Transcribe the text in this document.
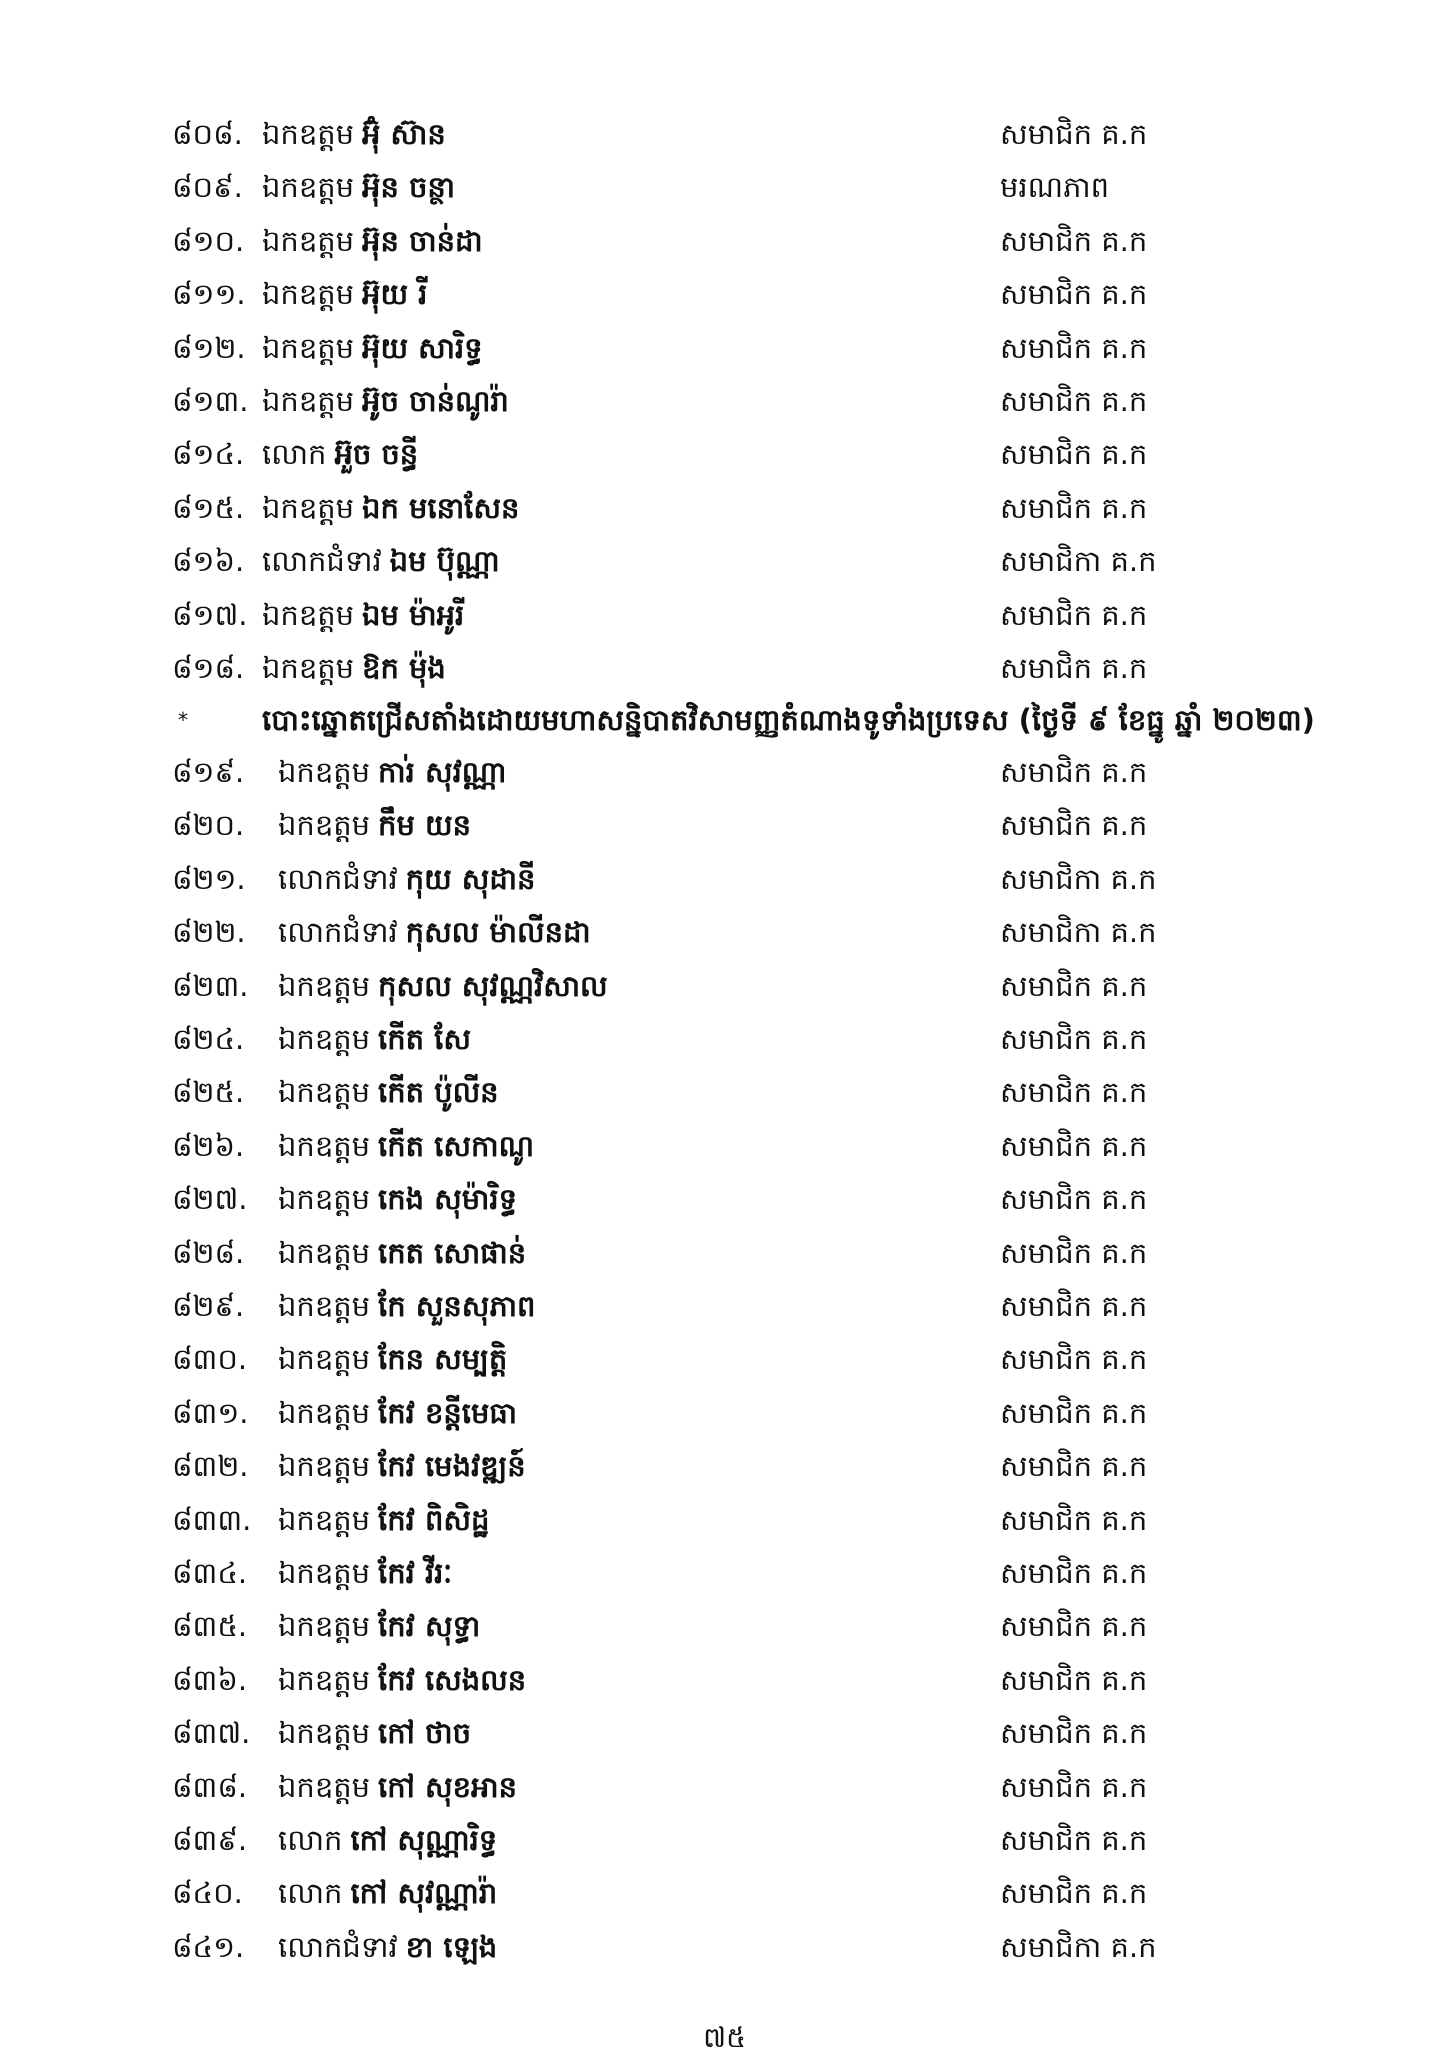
៨០៨. ឯកឧត្តម អ៊ុំ ស៊ាន	សមាជិក គ.ក
៨០៩. ឯកឧត្តម អ៊ុន ចន្ថា	មរណភាព
៨១០. ឯកឧត្តម អ៊ុន ចាន់ដា	សមាជិក គ.ក
៨១១. ឯកឧត្តម អ៊ុយ រី	សមាជិក គ.ក
៨១២. ឯកឧត្តម អ៊ុយ សារិទ្ធ	សមាជិក គ.ក
៨១៣. ឯកឧត្តម អ៊ូច ចាន់ណូរ៉ា	សមាជិក គ.ក
៨១៤. លោក អ៊ួច ចន្ធី	សមាជិក គ.ក
៨១៥. ឯកឧត្តម ឯក មនោសែន	សមាជិក គ.ក
៨១៦. លោកជំទាវ ឯម ប៊ុណ្ណា	សមាជិកា គ.ក
៨១៧. ឯកឧត្តម ឯម ម៉ាអូរី	សមាជិក គ.ក
៨១៨. ឯកឧត្តម ឱក ម៉ុង	សមាជិក គ.ក
*	បោះឆ្នោតជ្រើសតាំងដោយមហាសន្និបាតវិសាមញ្ញតំណាងទូទាំងប្រទេស (ថ្ងៃទី ៩ ខែធ្នូ ឆ្នាំ ២០២៣)
៨១៩. ឯកឧត្តម ការ់ សុវណ្ណា	សមាជិក គ.ក
៨២០. ឯកឧត្តម កឹម យន	សមាជិក គ.ក
៨២១. លោកជំទាវ កុយ សុដានី	សមាជិកា គ.ក
៨២២. លោកជំទាវ កុសល ម៉ាលីនដា	សមាជិកា គ.ក
៨២៣. ឯកឧត្តម កុសល សុវណ្ណវិសាល	សមាជិក គ.ក
៨២៤. ឯកឧត្តម កើត សែ	សមាជិក គ.ក
៨២៥. ឯកឧត្តម កើត ប៉ូលីន	សមាជិក គ.ក
៨២៦. ឯកឧត្តម កើត សេកាណូ	សមាជិក គ.ក
៨២៧. ឯកឧត្តម កេង សុម៉ារិទ្ធ	សមាជិក គ.ក
៨២៨. ឯកឧត្តម កេត សោផាន់	សមាជិក គ.ក
៨២៩. ឯកឧត្តម កែ សួនសុភាព	សមាជិក គ.ក
៨៣០. ឯកឧត្តម កែន សម្បត្តិ	សមាជិក គ.ក
៨៣១. ឯកឧត្តម កែវ ខន្តីមេធា	សមាជិក គ.ក
៨៣២. ឯកឧត្តម កែវ មេងវឌ្ឍន៍	សមាជិក គ.ក
៨៣៣. ឯកឧត្តម កែវ ពិសិដ្ឋ	សមាជិក គ.ក
៨៣៤. ឯកឧត្តម កែវ វីរៈ	សមាជិក គ.ក
៨៣៥. ឯកឧត្តម កែវ សុទ្ធា	សមាជិក គ.ក
៨៣៦. ឯកឧត្តម កែវ សេងលន	សមាជិក គ.ក
៨៣៧. ឯកឧត្តម កៅ ថាច	សមាជិក គ.ក
៨៣៨. ឯកឧត្តម កៅ សុខអាន	សមាជិក គ.ក
៨៣៩. លោក កៅ សុណ្ណារិទ្ធ	សមាជិក គ.ក
៨៤០. លោក កៅ សុវណ្ណារ៉ា	សមាជិក គ.ក
៨៤១. លោកជំទាវ ខា ឡេង	សមាជិកា គ.ក
៧៥
